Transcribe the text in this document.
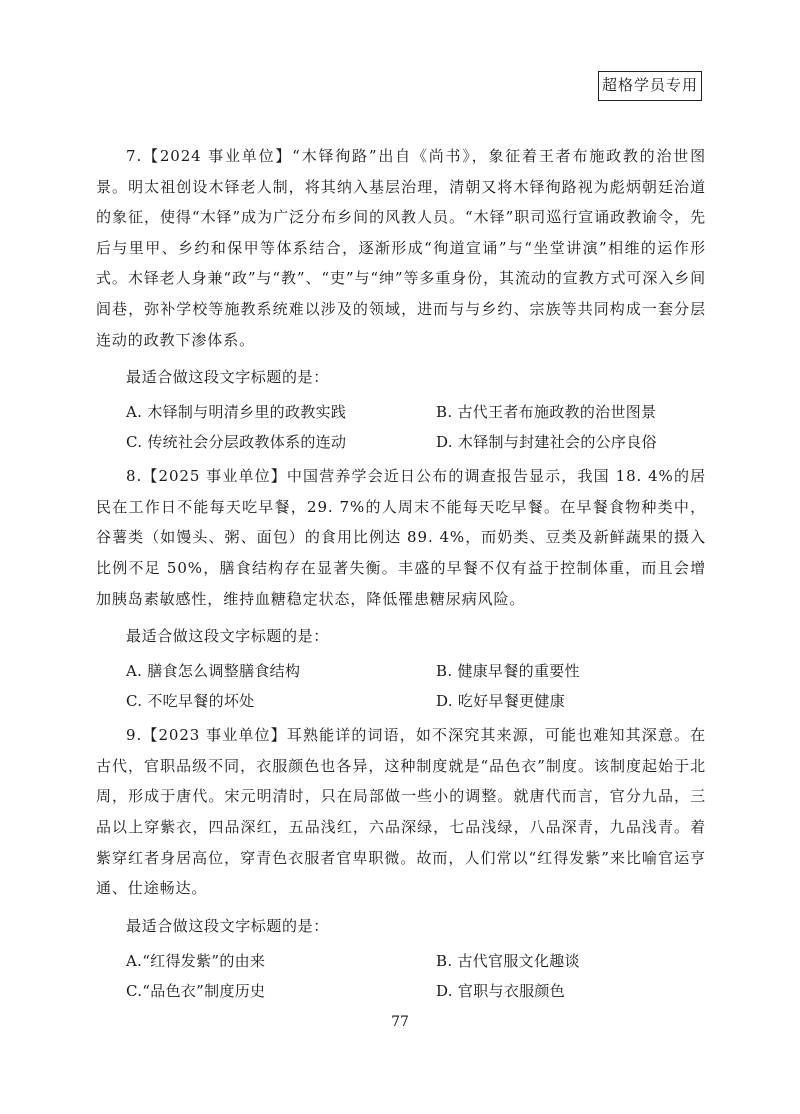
超格学员专用

7.【2024 事业单位】“木铎徇路”出自《尚书》，象征着王者布施政教的治世图景。明太祖创设木铎老人制，将其纳入基层治理，清朝又将木铎徇路视为彪炳朝廷治道的象征，使得“木铎”成为广泛分布乡间的风教人员。“木铎”职司巡行宣诵政教谕令，先后与里甲、乡约和保甲等体系结合，逐渐形成“徇道宣诵”与“坐堂讲演”相维的运作形式。木铎老人身兼“政”与“教”、“吏”与“绅”等多重身份，其流动的宣教方式可深入乡间闾巷，弥补学校等施教系统难以涉及的领域，进而与与乡约、宗族等共同构成一套分层连动的政教下渗体系。

最适合做这段文字标题的是：

A. 木铎制与明清乡里的政教实践	B. 古代王者布施政教的治世图景
C. 传统社会分层政教体系的连动	D. 木铎制与封建社会的公序良俗

8.【2025 事业单位】中国营养学会近日公布的调查报告显示，我国 18. 4%的居民在工作日不能每天吃早餐，29. 7%的人周末不能每天吃早餐。在早餐食物种类中，谷薯类（如馒头、粥、面包）的食用比例达 89. 4%，而奶类、豆类及新鲜蔬果的摄入比例不足 50%，膳食结构存在显著失衡。丰盛的早餐不仅有益于控制体重，而且会增加胰岛素敏感性，维持血糖稳定状态，降低罹患糖尿病风险。

最适合做这段文字标题的是：

A. 膳食怎么调整膳食结构	B. 健康早餐的重要性
C. 不吃早餐的坏处	D. 吃好早餐更健康

9.【2023 事业单位】耳熟能详的词语，如不深究其来源，可能也难知其深意。在古代，官职品级不同，衣服颜色也各异，这种制度就是“品色衣”制度。该制度起始于北周，形成于唐代。宋元明清时，只在局部做一些小的调整。就唐代而言，官分九品，三品以上穿紫衣，四品深红，五品浅红，六品深绿，七品浅绿，八品深青，九品浅青。着紫穿红者身居高位，穿青色衣服者官卑职微。故而，人们常以“红得发紫”来比喻官运亨通、仕途畅达。

最适合做这段文字标题的是：

A.“红得发紫”的由来	B. 古代官服文化趣谈
C.“品色衣”制度历史	D. 官职与衣服颜色
77
